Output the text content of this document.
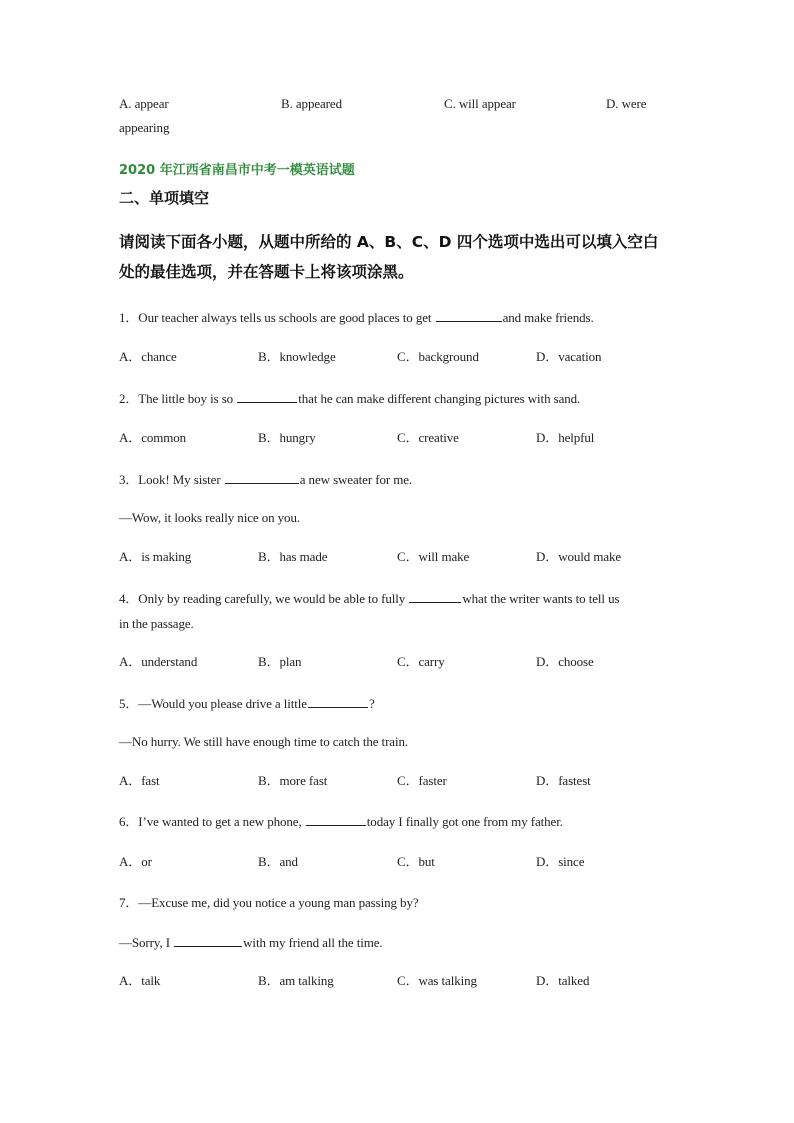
A. appear	B. appeared	C. will appear	D. were
appearing
2020 年江西省南昌市中考一模英语试题
二、单项填空
请阅读下面各小题，从题中所给的 A、B、C、D 四个选项中选出可以填入空白
处的最佳选项，并在答题卡上将该项涂黑。
1．Our teacher always tells us schools are good places to get	and make friends.
A．chance	B．knowledge	C．background	D．vacation
2．The little boy is so	that he can make different changing pictures with sand.
A．common	B．hungry	C．creative	D．helpful
3．Look! My sister	a new sweater for me.
—Wow, it looks really nice on you.
A．is making	B．has made	C．will make	D．would make
4．Only by reading carefully, we would be able to fully	what the writer wants to tell us
in the passage.
A．understand	B．plan	C．carry	D．choose
5．—Would you please drive a little	?
—No hurry. We still have enough time to catch the train.
A．fast	B．more fast	C．faster	D．fastest
6．I’ve wanted to get a new phone,	today I finally got one from my father.
A．or	B．and	C．but	D．since
7．—Excuse me, did you notice a young man passing by?
—Sorry, I	with my friend all the time.
A．talk	B．am talking	C．was talking	D．talked
